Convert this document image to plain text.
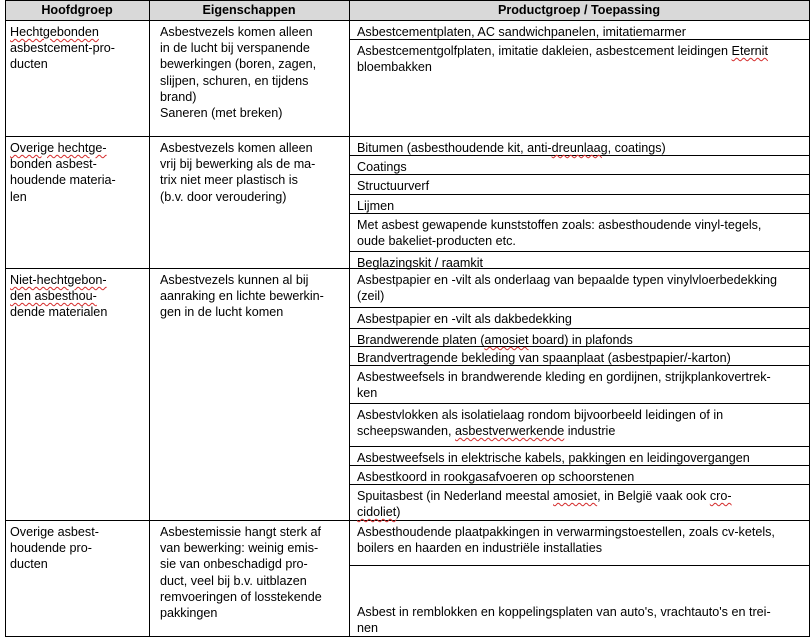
Hoofdgroep	Eigenschappen	Productgroep / Toepassing
Hechtgebonden
asbestcement-pro-
ducten
Asbestvezels komen alleen
in de lucht bij verspanende
bewerkingen (boren, zagen,
slijpen, schuren, en tijdens
brand)
Saneren (met breken)
Asbestcementplaten, AC sandwichpanelen, imitatiemarmer
Asbestcementgolfplaten, imitatie dakleien, asbestcement leidingen Eternit
bloembakken
Overige hechtge-
bonden asbest-
houdende materia-
len
Asbestvezels komen alleen
vrij bij bewerking als de ma-
trix niet meer plastisch is
(b.v. door veroudering)
Bitumen (asbesthoudende kit, anti-dreunlaag, coatings)
Coatings
Structuurverf
Lijmen
Met asbest gewapende kunststoffen zoals: asbesthoudende vinyl-tegels,
oude bakeliet-producten etc.
Beglazingskit / raamkit
Niet-hechtgebon-
den asbesthou-
dende materialen
Asbestvezels kunnen al bij
aanraking en lichte bewerkin-
gen in de lucht komen
Asbestpapier en -vilt als onderlaag van bepaalde typen vinylvloerbedekking
(zeil)
Asbestpapier en -vilt als dakbedekking
Brandwerende platen (amosiet board) in plafonds
Brandvertragende bekleding van spaanplaat (asbestpapier/-karton)
Asbestweefsels in brandwerende kleding en gordijnen, strijkplankovertrek-
ken
Asbestvlokken als isolatielaag rondom bijvoorbeeld leidingen of in
scheepswanden, asbestverwerkende industrie
Asbestweefsels in elektrische kabels, pakkingen en leidingovergangen
Asbestkoord in rookgasafvoeren op schoorstenen
Spuitasbest (in Nederland meestal amosiet, in België vaak ook cro-
cidoliet)
Overige asbest-
houdende pro-
ducten
Asbestemissie hangt sterk af
van bewerking: weinig emis-
sie van onbeschadigd pro-
duct, veel bij b.v. uitblazen
remvoeringen of losstekende
pakkingen
Asbesthoudende plaatpakkingen in verwarmingstoestellen, zoals cv-ketels,
boilers en haarden en industriële installaties
Asbest in remblokken en koppelingsplaten van auto's, vrachtauto's en trei-
nen
